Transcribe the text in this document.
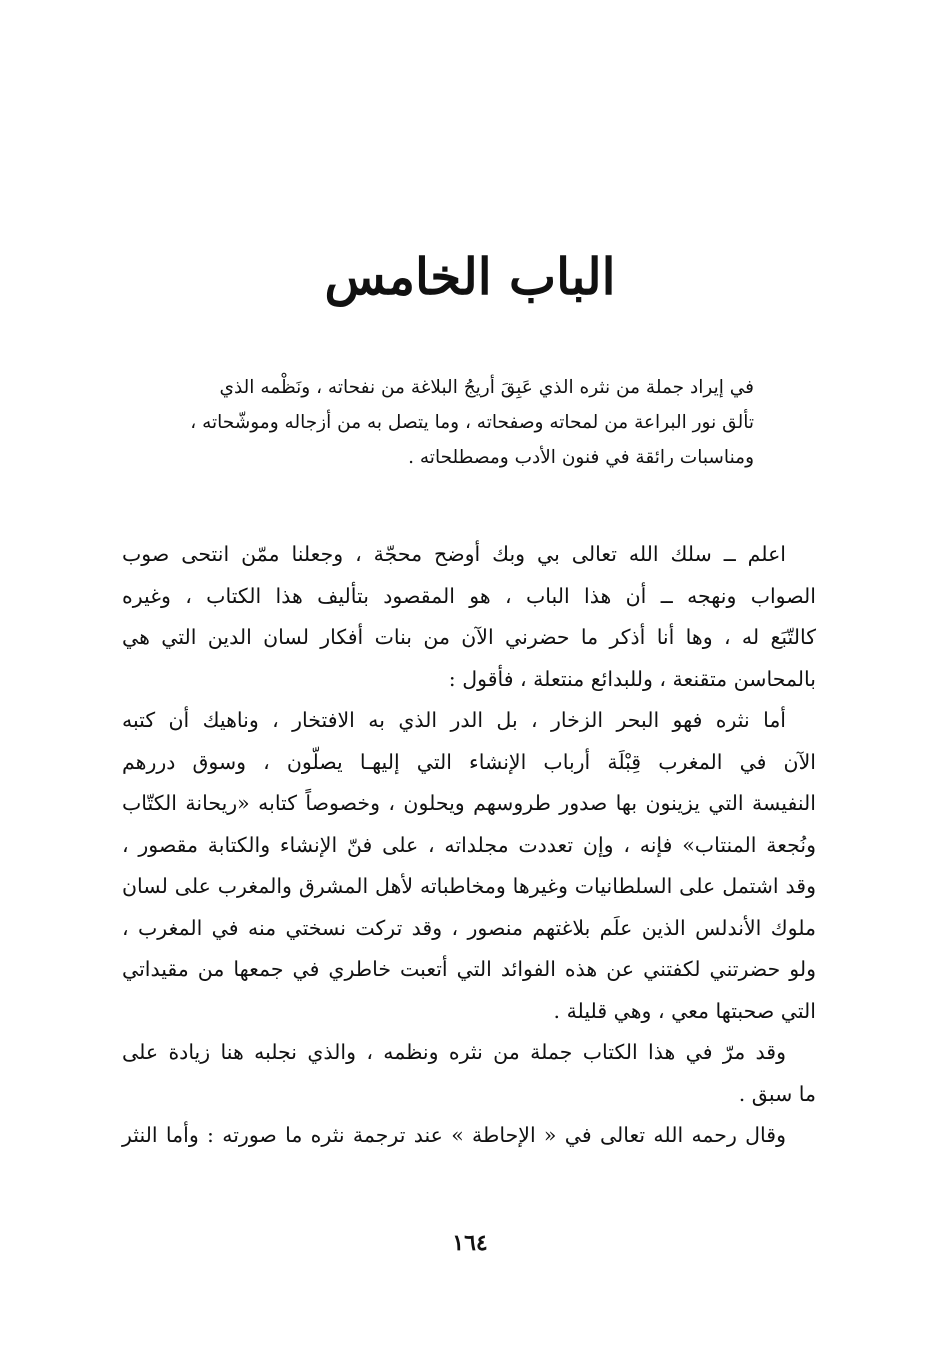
الباب الخامس
في إيراد جملة من نثره الذي عَبِقَ أريجُ البلاغة من نفحاته ، ونَظْمه الذي
تألق نور البراعة من لمحاته وصفحاته ، وما يتصل به من أزجاله وموشّحاته ،
ومناسبات رائقة في فنون الأدب ومصطلحاته .
اعلم ــ سلك الله تعالى بي وبك أوضح محجّة ، وجعلنا ممّن انتحى صوب
الصواب ونهجه ــ أن هذا الباب ، هو المقصود بتأليف هذا الكتاب ، وغيره
كالتّبَع له ، وها أنا أذكر ما حضرني الآن من بنات أفكار لسان الدين التي هي
بالمحاسن متقنعة ، وللبدائع منتعلة ، فأقول :
أما نثره فهو البحر الزخار ، بل الدر الذي به الافتخار ، وناهيك أن كتبه
الآن في المغرب قِبْلَة أرباب الإنشاء التي إليهـا يصلّون ، وسوق دررهم
النفيسة التي يزينون بها صدور طروسهم ويحلون ، وخصوصاً كتابه «ريحانة الكتّاب
ونُجعة المنتاب» فإنه ، وإن تعددت مجلداته ، على فنّ الإنشاء والكتابة مقصور ،
وقد اشتمل على السلطانيات وغيرها ومخاطباته لأهل المشرق والمغرب على لسان
ملوك الأندلس الذين علَم بلاغتهم منصور ، وقد تركت نسختي منه في المغرب ،
ولو حضرتني لكفتني عن هذه الفوائد التي أتعبت خاطري في جمعها من مقيداتي
التي صحبتها معي ، وهي قليلة .
وقد مرّ في هذا الكتاب جملة من نثره ونظمه ، والذي نجلبه هنا زيادة على
ما سبق .
وقال رحمه الله تعالى في « الإحاطة » عند ترجمة نثره ما صورته : وأما النثر
١٦٤
